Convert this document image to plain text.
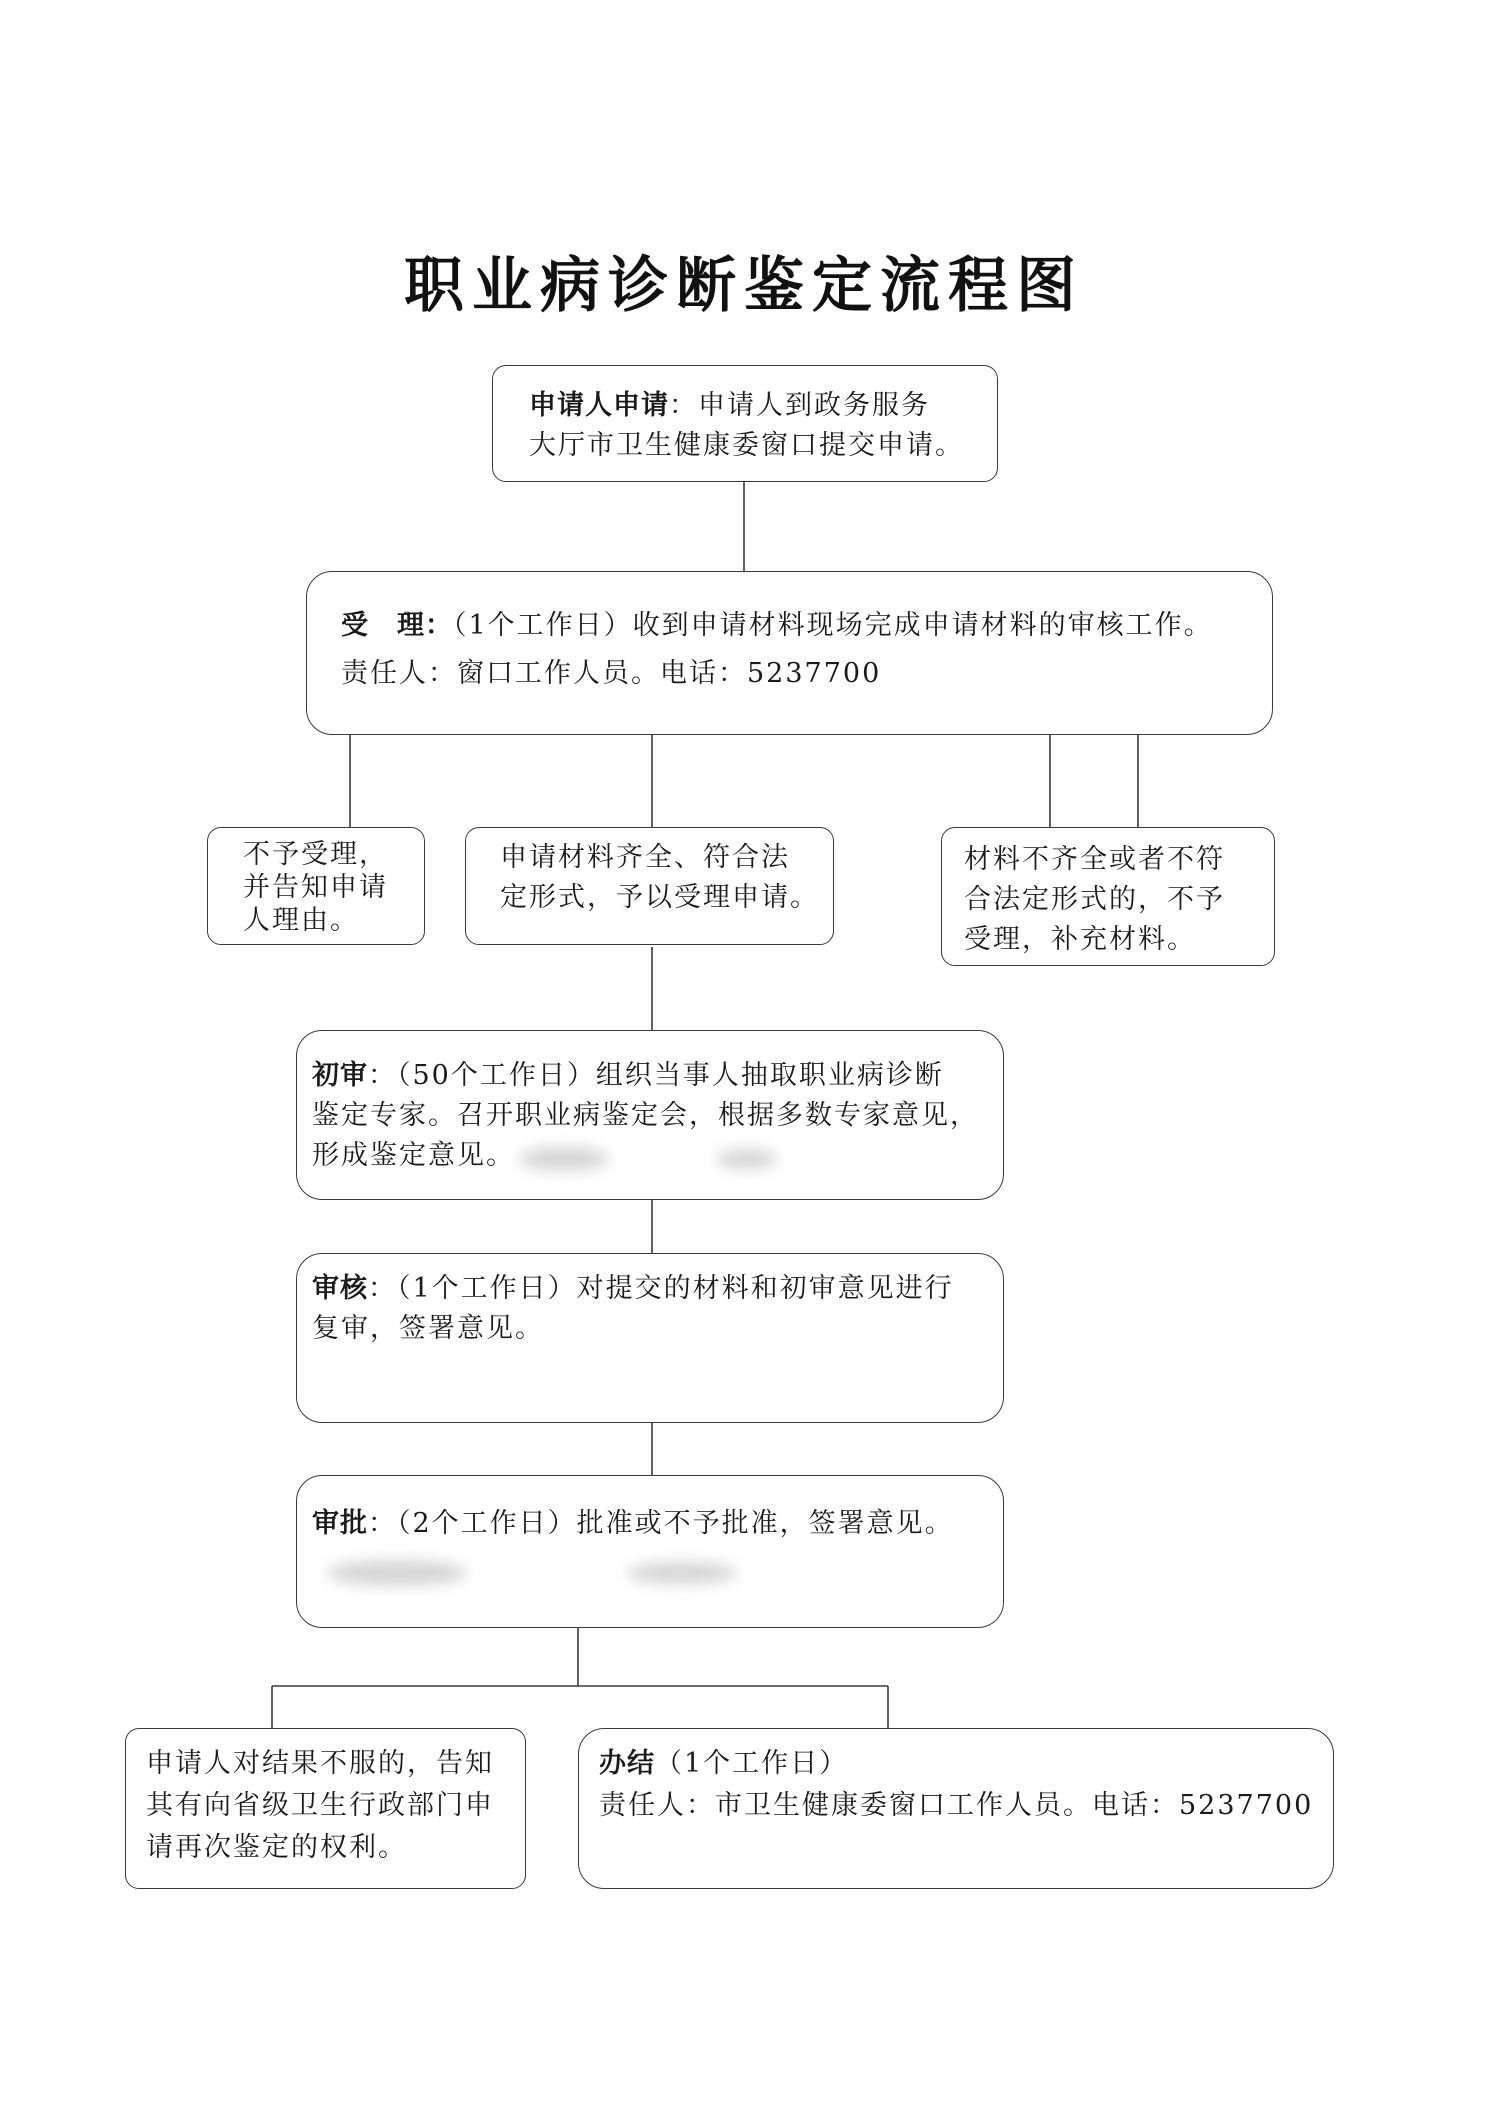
职业病诊断鉴定流程图
申请人申请：申请人到政务服务
大厅市卫生健康委窗口提交申请。
受　理：（1个工作日）收到申请材料现场完成申请材料的审核工作。
责任人：窗口工作人员。电话：5237700
不予受理，
并告知申请
人理由。
申请材料齐全、符合法
定形式，予以受理申请。
材料不齐全或者不符
合法定形式的，不予
受理，补充材料。
初审：（50个工作日）组织当事人抽取职业病诊断
鉴定专家。召开职业病鉴定会，根据多数专家意见，
形成鉴定意见。
审核：（1个工作日）对提交的材料和初审意见进行
复审，签署意见。
审批：（2个工作日）批准或不予批准，签署意见。
申请人对结果不服的，告知
其有向省级卫生行政部门申
请再次鉴定的权利。
办结（1个工作日）
责任人：市卫生健康委窗口工作人员。电话：5237700
